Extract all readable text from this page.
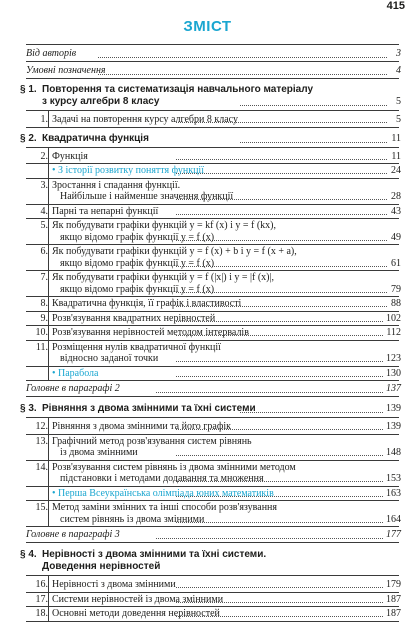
415
ЗМІСТ
Від авторів	3
Умовні позначення	4
§ 1. Повторення та систематизація навчального матеріалу
з курсу алгебри 8 класу	5
1. Задачі на повторення курсу алгебри 8 класу	5
§ 2. Квадратична функція	11
2. Функція	11
• З історії розвитку поняття функції	24
3. Зростання і спадання функції.
Найбільше і найменше значення функції	28
4. Парні та непарні функції	43
5. Як побудувати графіки функцій y = kf (x) і y = f (kx),
якщо відомо графік функції y = f (x)	49
6. Як побудувати графіки функцій y = f (x) + b і y = f (x + a),
якщо відомо графік функції y = f (x)	61
7. Як побудувати графіки функцій y = f (|x|) і y = |f (x)|,
якщо відомо графік функції y = f (x)	79
8. Квадратична функція, її графік і властивості	88
9. Розв'язування квадратних нерівностей	102
10. Розв'язування нерівностей методом інтервалів	112
11. Розміщення нулів квадратичної функції
відносно заданої точки	123
• Парабола	130
Головне в параграфі 2	137
§ 3. Рівняння з двома змінними та їхні системи	139
12. Рівняння з двома змінними та його графік	139
13. Графічний метод розв'язування систем рівнянь
із двома змінними	148
14. Розв'язування систем рівнянь із двома змінними методом
підстановки і методами додавання та множення	153
• Перша Всеукраїнська олімпіада юних математиків	163
15. Метод заміни змінних та інші способи розв'язування
систем рівнянь із двома змінними	164
Головне в параграфі 3	177
§ 4. Нерівності з двома змінними та їхні системи.
Доведення нерівностей
16. Нерівності з двома змінними	179
17. Системи нерівностей із двома змінними	187
18. Основні методи доведення нерівностей	187
